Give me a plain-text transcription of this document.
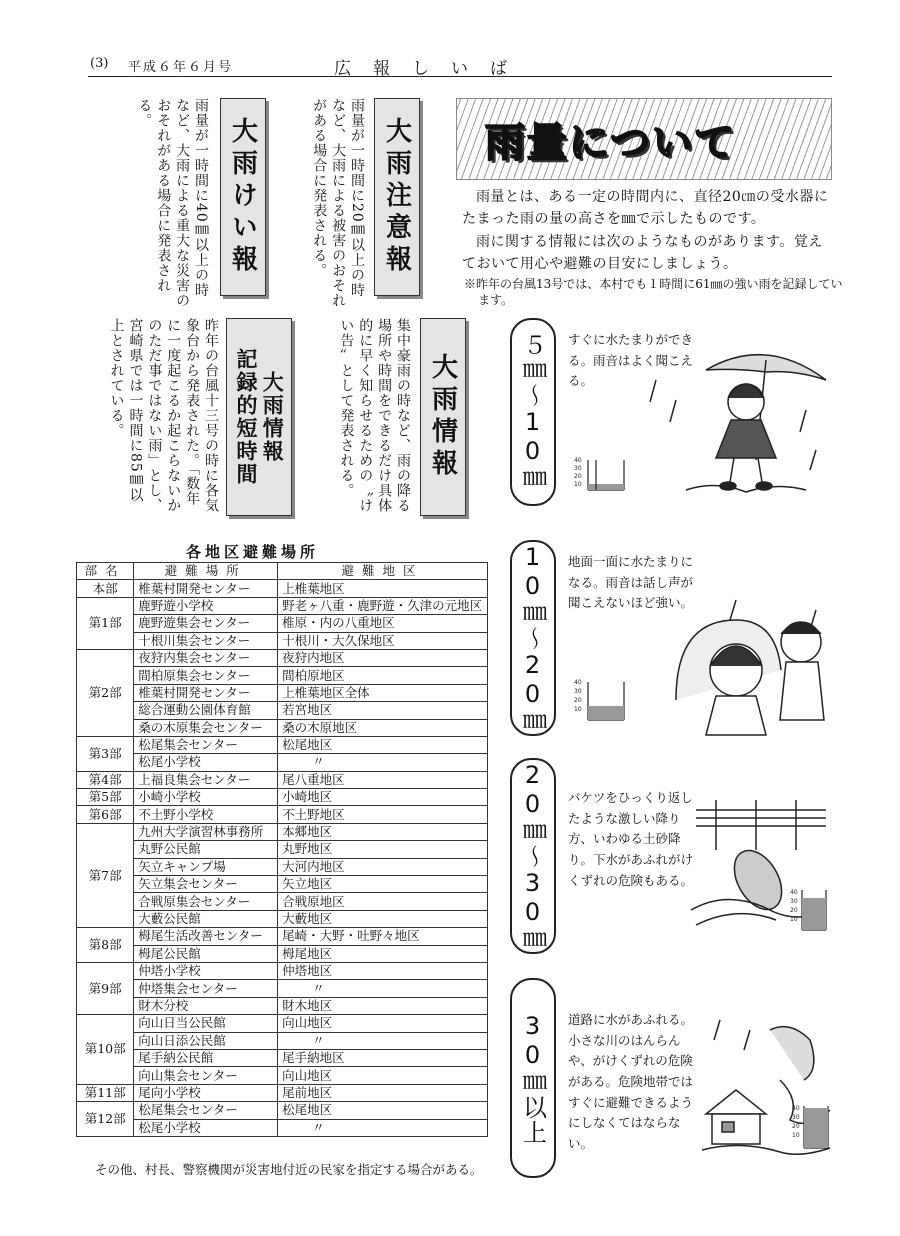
(3) 平成６年６月号	広報しいば
大雨注意報
雨量が一時間に20㎜以上の時など、大雨による被害のおそれがある場合に発表される。
大雨けい報
雨量が一時間に40㎜以上の時など、大雨による重大な災害のおそれがある場合に発表される。
大雨情報
集中豪雨の時など、雨の降る場所や時間をできるだけ具体的に早く知らせるための〝けい告〟として発表される。
記録的短時間 大雨情報
昨年の台風十三号の時に各気象台から発表された。「数年に一度起こるか起こらないかのただ事ではない雨」とし、宮崎県では一時間に85㎜以上とされている。
雨量について

雨量とは、ある一定の時間内に、直径20㎝の受水器にたまった雨の量の高さを㎜で示したものです。

雨に関する情報には次のようなものがあります。覚えておいて用心や避難の目安にしましょう。

※昨年の台風13号では、本村でも１時間に61㎜の強い雨を記録しています。
５㎜〜10㎜	すぐに水たまりができる。雨音はよく聞こえる。
10㎜〜20㎜	地面一面に水たまりになる。雨音は話し声が聞こえないほど強い。
20㎜〜30㎜	バケツをひっくり返したような激しい降り方、いわゆる土砂降り。下水があふれがけくずれの危険もある。
30㎜以上	道路に水があふれる。小さな川のはんらんや、がけくずれの危険がある。危険地帯ではすぐに避難できるようにしなくてはならない。
40
30
20
10
40
30
20
10
40
30
20
10
40
30
20
10
各地区避難場所
部名	避難場所	避難地区
本部	椎葉村開発センター	上椎葉地区
第1部	鹿野遊小学校	野老ヶ八重・鹿野遊・久津の元地区
	鹿野遊集会センター	椎原・内の八重地区
	十根川集会センター	十根川・大久保地区
第2部	夜狩内集会センター	夜狩内地区
	間柏原集会センター	間柏原地区
	椎葉村開発センター	上椎葉地区全体
	総合運動公園体育館	若宮地区
	桑の木原集会センター	桑の木原地区
第3部	松尾集会センター	松尾地区
	松尾小学校	〃
第4部	上福良集会センター	尾八重地区
第5部	小崎小学校	小崎地区
第6部	不土野小学校	不土野地区
第7部	九州大学演習林事務所	本郷地区
	丸野公民館	丸野地区
	矢立キャンプ場	大河内地区
	矢立集会センター	矢立地区
	合戦原集会センター	合戦原地区
	大藪公民館	大藪地区
第8部	栂尾生活改善センター	尾崎・大野・吐野々地区
	栂尾公民館	栂尾地区
第9部	仲塔小学校	仲塔地区
	仲塔集会センター	〃
	財木分校	財木地区
第10部	向山日当公民館	向山地区
	向山日添公民館	〃
	尾手納公民館	尾手納地区
	向山集会センター	向山地区
第11部	尾向小学校	尾前地区
第12部	松尾集会センター	松尾地区
	松尾小学校	〃
その他、村長、警察機関が災害地付近の民家を指定する場合がある。
